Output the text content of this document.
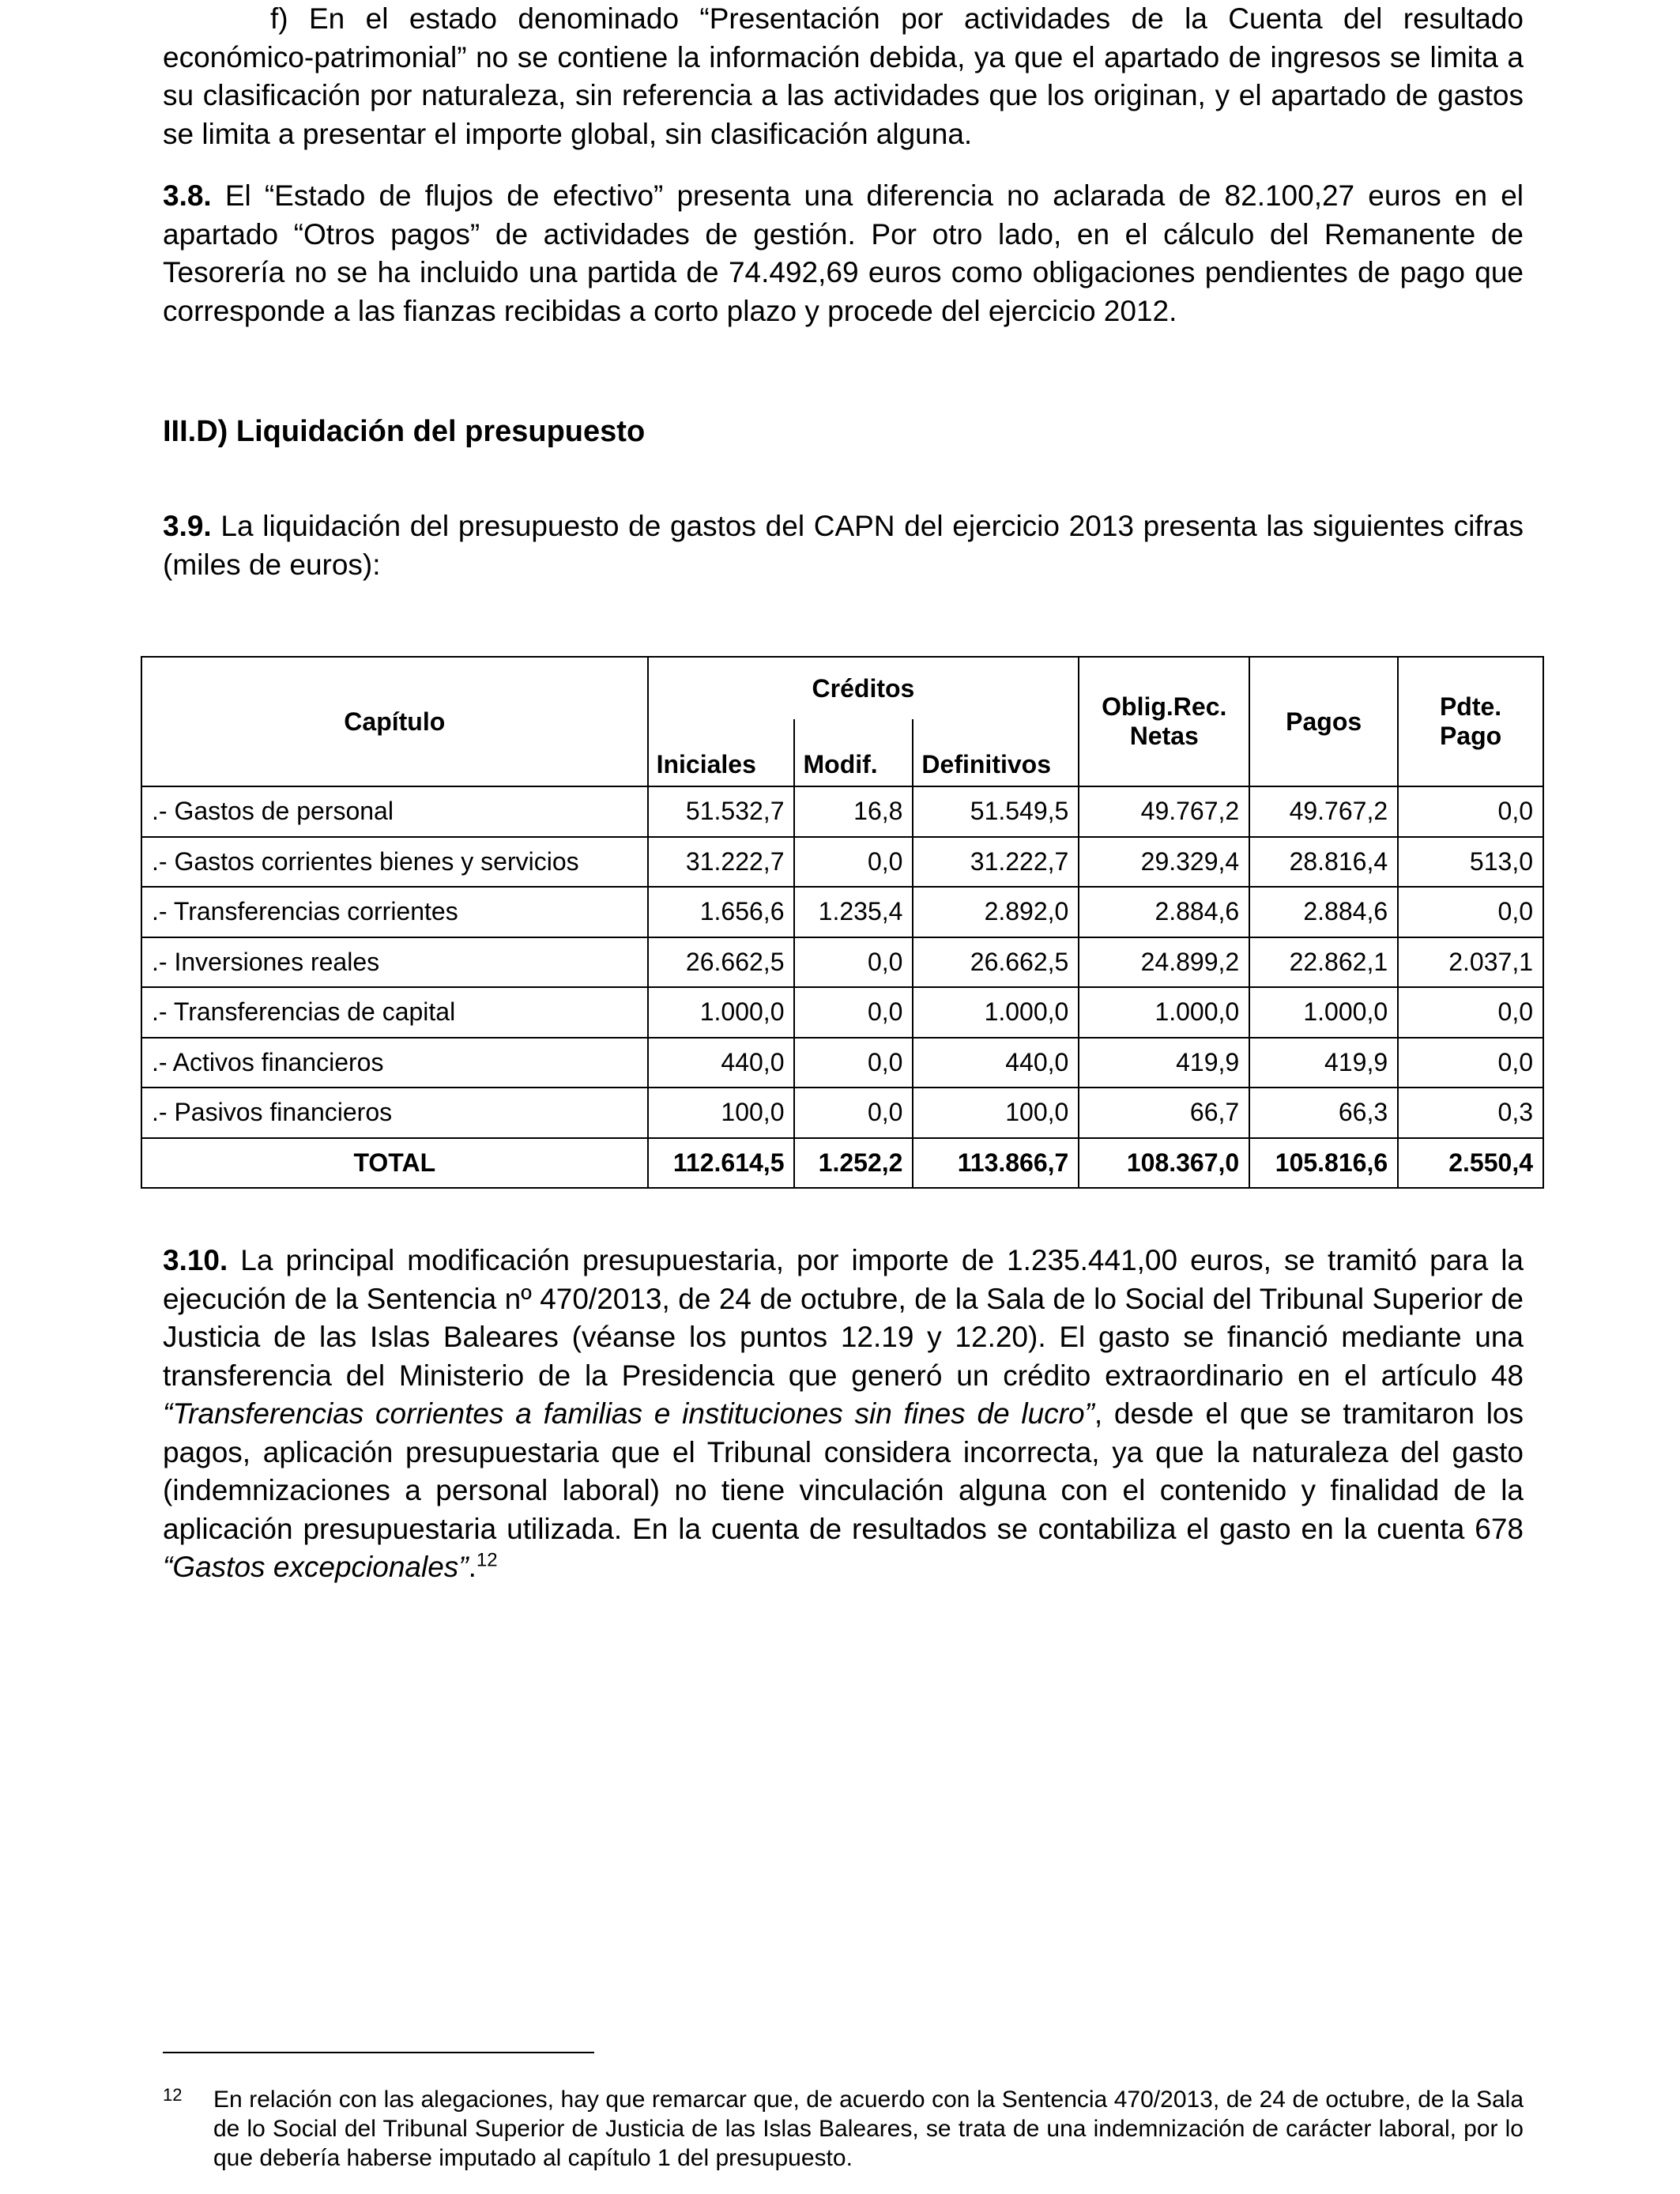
f) En el estado denominado “Presentación por actividades de la Cuenta del resultado económico-patrimonial” no se contiene la información debida, ya que el apartado de ingresos se limita a su clasificación por naturaleza, sin referencia a las actividades que los originan, y el apartado de gastos se limita a presentar el importe global, sin clasificación alguna.

3.8. El “Estado de flujos de efectivo” presenta una diferencia no aclarada de 82.100,27 euros en el apartado “Otros pagos” de actividades de gestión. Por otro lado, en el cálculo del Remanente de Tesorería no se ha incluido una partida de 74.492,69 euros como obligaciones pendientes de pago que corresponde a las fianzas recibidas a corto plazo y procede del ejercicio 2012.

III.D) Liquidación del presupuesto

3.9. La liquidación del presupuesto de gastos del CAPN del ejercicio 2013 presenta las siguientes cifras (miles de euros):

Capítulo	Créditos			Oblig.Rec. Netas	Pagos	Pdte. Pago
	Iniciales	Modif.	Definitivos			
.- Gastos de personal	51.532,7	16,8	51.549,5	49.767,2	49.767,2	0,0
.- Gastos corrientes bienes y servicios	31.222,7	0,0	31.222,7	29.329,4	28.816,4	513,0
.- Transferencias corrientes	1.656,6	1.235,4	2.892,0	2.884,6	2.884,6	0,0
.- Inversiones reales	26.662,5	0,0	26.662,5	24.899,2	22.862,1	2.037,1
.- Transferencias de capital	1.000,0	0,0	1.000,0	1.000,0	1.000,0	0,0
.- Activos financieros	440,0	0,0	440,0	419,9	419,9	0,0
.- Pasivos financieros	100,0	0,0	100,0	66,7	66,3	0,3
TOTAL	112.614,5	1.252,2	113.866,7	108.367,0	105.816,6	2.550,4

3.10. La principal modificación presupuestaria, por importe de 1.235.441,00 euros, se tramitó para la ejecución de la Sentencia nº 470/2013, de 24 de octubre, de la Sala de lo Social del Tribunal Superior de Justicia de las Islas Baleares (véanse los puntos 12.19 y 12.20). El gasto se financió mediante una transferencia del Ministerio de la Presidencia que generó un crédito extraordinario en el artículo 48 “Transferencias corrientes a familias e instituciones sin fines de lucro”, desde el que se tramitaron los pagos, aplicación presupuestaria que el Tribunal considera incorrecta, ya que la naturaleza del gasto (indemnizaciones a personal laboral) no tiene vinculación alguna con el contenido y finalidad de la aplicación presupuestaria utilizada. En la cuenta de resultados se contabiliza el gasto en la cuenta 678 “Gastos excepcionales”.$^{12}$

12 En relación con las alegaciones, hay que remarcar que, de acuerdo con la Sentencia 470/2013, de 24 de octubre, de la Sala de lo Social del Tribunal Superior de Justicia de las Islas Baleares, se trata de una indemnización de carácter laboral, por lo que debería haberse imputado al capítulo 1 del presupuesto.
